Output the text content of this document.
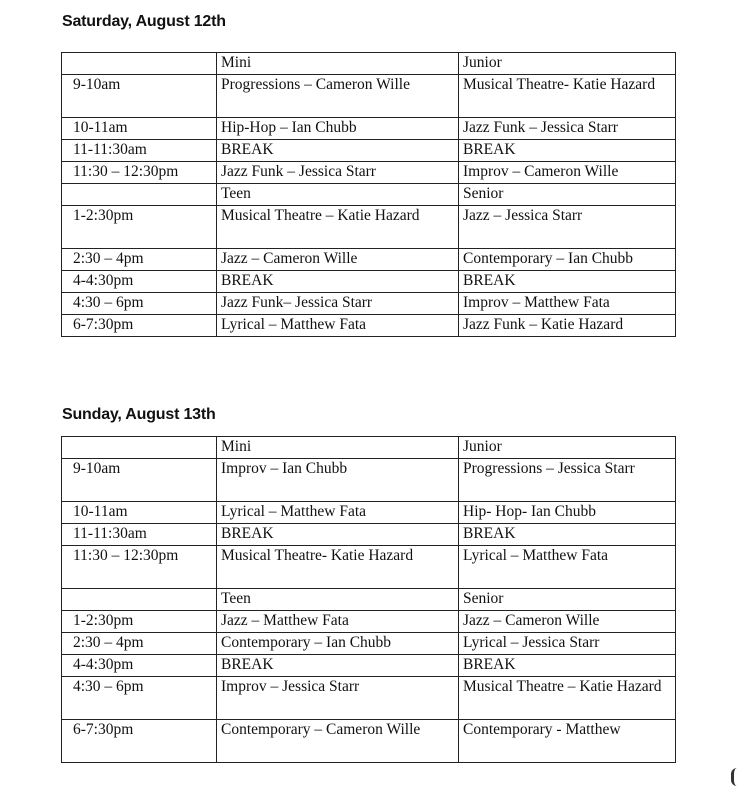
Saturday, August 12th
	Mini	Junior
9-10am	Progressions – Cameron Wille	Musical Theatre- Katie Hazard
10-11am	Hip-Hop – Ian Chubb	Jazz Funk – Jessica Starr
11-11:30am	BREAK	BREAK
11:30 – 12:30pm	Jazz Funk – Jessica Starr	Improv – Cameron Wille
	Teen	Senior
1-2:30pm	Musical Theatre – Katie Hazard	Jazz – Jessica Starr
2:30 – 4pm	Jazz – Cameron Wille	Contemporary – Ian Chubb
4-4:30pm	BREAK	BREAK
4:30 – 6pm	Jazz Funk– Jessica Starr	Improv – Matthew Fata
6-7:30pm	Lyrical – Matthew Fata	Jazz Funk – Katie Hazard
Sunday, August 13th
	Mini	Junior
9-10am	Improv – Ian Chubb	Progressions – Jessica Starr
10-11am	Lyrical – Matthew Fata	Hip- Hop- Ian Chubb
11-11:30am	BREAK	BREAK
11:30 – 12:30pm	Musical Theatre- Katie Hazard	Lyrical – Matthew Fata
	Teen	Senior
1-2:30pm	Jazz – Matthew Fata	Jazz – Cameron Wille
2:30 – 4pm	Contemporary – Ian Chubb	Lyrical – Jessica Starr
4-4:30pm	BREAK	BREAK
4:30 – 6pm	Improv – Jessica Starr	Musical Theatre – Katie Hazard
6-7:30pm	Contemporary – Cameron Wille	Contemporary - Matthew
